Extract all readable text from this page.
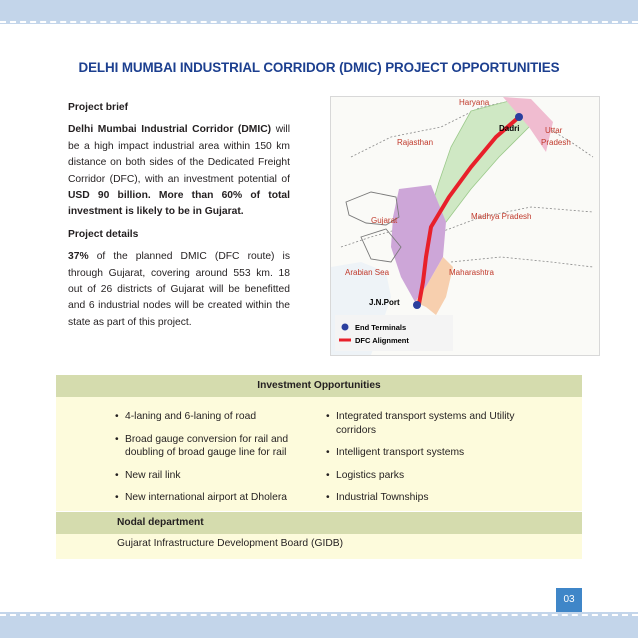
DELHI MUMBAI INDUSTRIAL CORRIDOR (DMIC) PROJECT OPPORTUNITIES
Project brief

Delhi Mumbai Industrial Corridor (DMIC) will be a high impact industrial area within 150 km distance on both sides of the Dedicated Freight Corridor (DFC), with an investment potential of USD 90 billion. More than 60% of total investment is likely to be in Gujarat.

Project details

37% of the planned DMIC (DFC route) is through Gujarat, covering around 553 km. 18 out of 26 districts of Gujarat will be benefitted and 6 industrial nodes will be created within the state as part of this project.

Haryana
Dadri	Uttar
Pradesh
Rajasthan
Gujarat	Madhya Pradesh
Arabian Sea	Maharashtra
J.N.Port
End Terminals
DFC Alignment
Investment Opportunities
• 4-laning and 6-laning of road
• Broad gauge conversion for rail and
doubling of broad gauge line for rail
• New rail link
• New international airport at Dholera
• Integrated transport systems and Utility
corridors
• Intelligent transport systems
• Logistics parks
• Industrial Townships
Nodal department
Gujarat Infrastructure Development Board (GIDB)
03
